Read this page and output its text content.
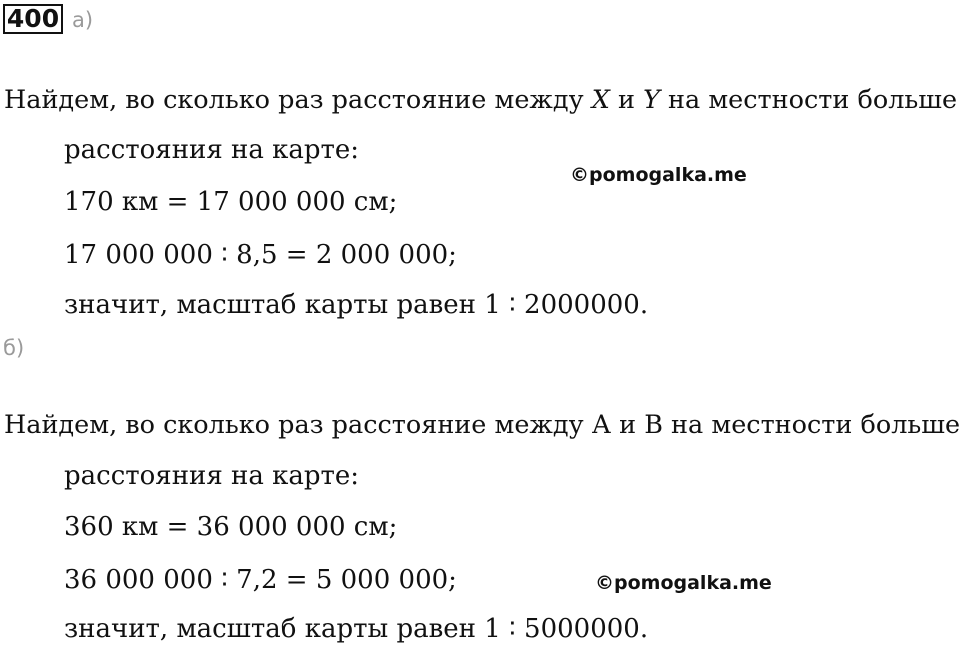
400 а)
Найдем, во сколько раз расстояние между X и Y на местности больше
расстояния на карте:
©pomogalka.me
170 км = 17 000 000 см;
17 000 000 ∶ 8,5 = 2 000 000;
значит, масштаб карты равен 1 ∶ 2000000.
б)
Найдем, во сколько раз расстояние между А и В на местности больше
расстояния на карте:
360 км = 36 000 000 см;
36 000 000 ∶ 7,2 = 5 000 000;	©pomogalka.me
значит, масштаб карты равен 1 ∶ 5000000.
